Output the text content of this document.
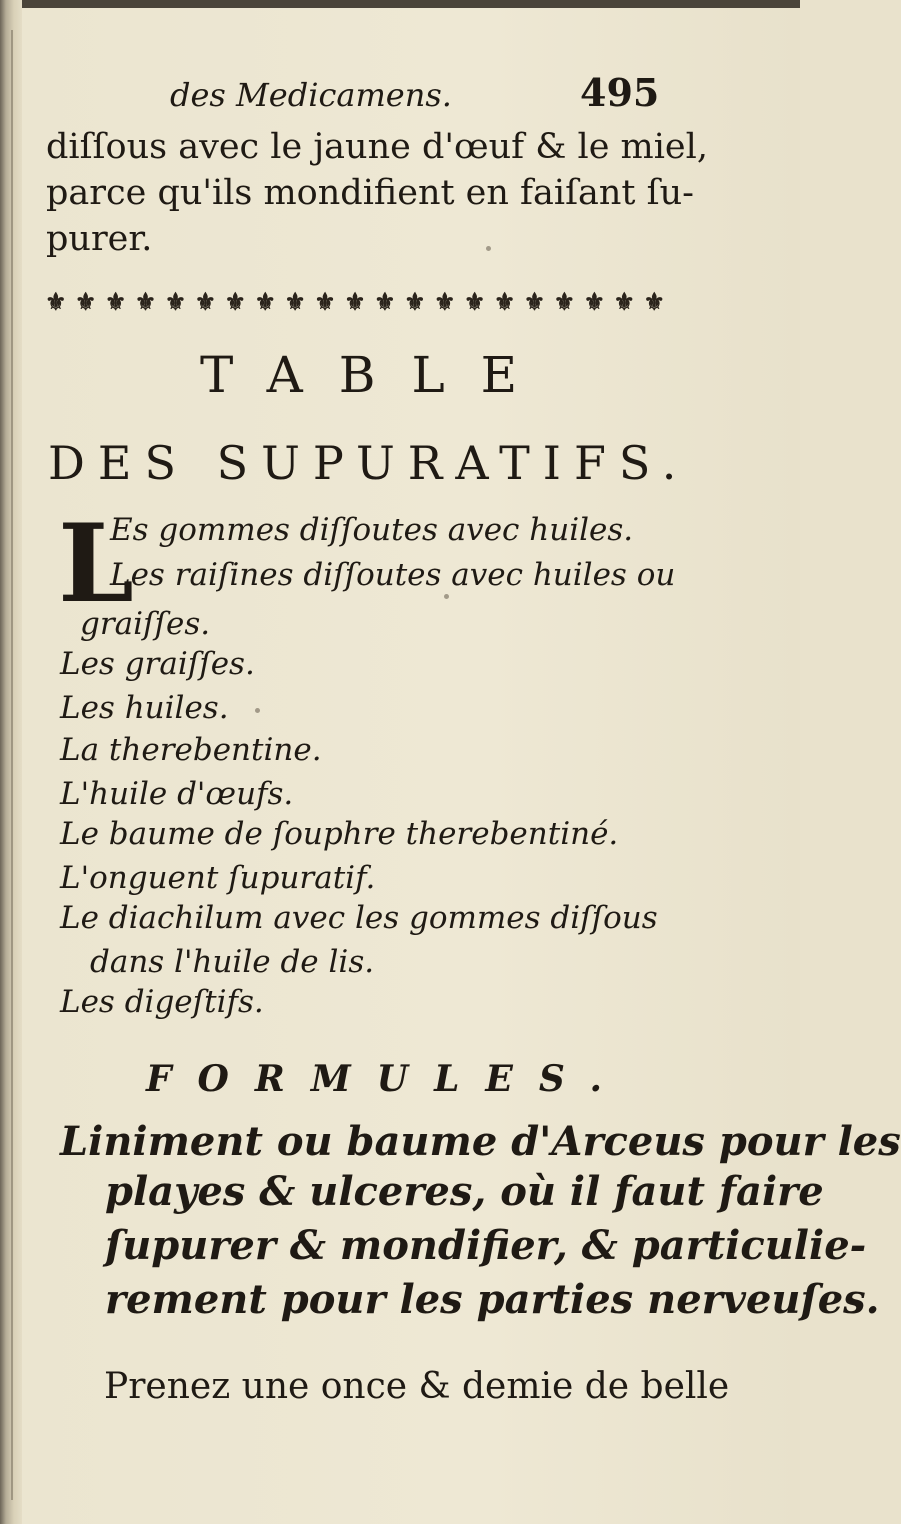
des Medicamens.	495
diſſous avec le jaune d'œuf & le miel,
parce qu'ils mondifient en faiſant ſu-
purer.
⚜ ⚜ ⚜ ⚜ ⚜ ⚜ ⚜ ⚜ ⚜ ⚜ ⚜ ⚜ ⚜ ⚜ ⚜ ⚜ ⚜ ⚜ ⚜ ⚜ ⚜
TABLE
DES SUPURATIFS.
L
Es gommes diſſoutes avec huiles.
Les raiſines diſſoutes avec huiles ou
graiſſes.
Les graiſſes.
Les huiles.
La therebentine.
L'huile d'œufs.
Le baume de ſouphre therebentiné.
L'onguent ſupuratif.
Le diachilum avec les gommes diſſous
dans l'huile de lis.
Les digeſtifs.
FORMULES.
Liniment ou baume d'Arceus pour les
playes & ulceres, où il faut faire
ſupurer & mondifier, & particulie-
rement pour les parties nerveuſes.
Prenez une once & demie de belle
